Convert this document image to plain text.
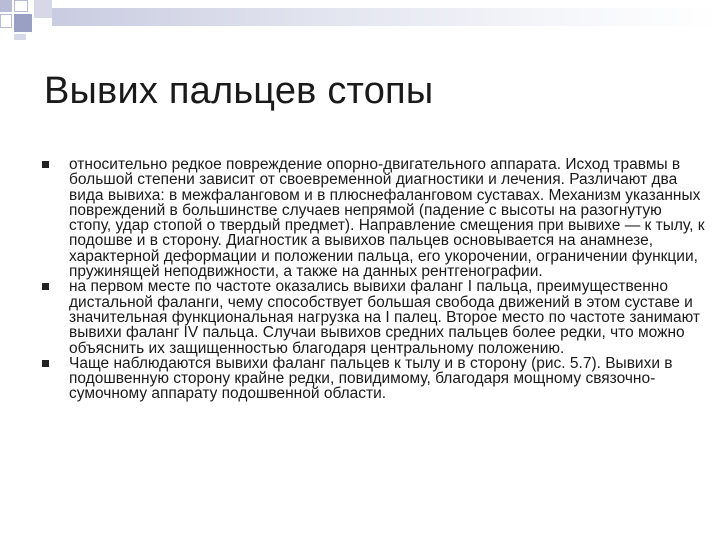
Вывих пальцев стопы
относительно редкое повреждение опорно-двигательного аппарата. Исход травмы в большой степени зависит от своевременной диагностики и лечения. Различают два вида вывиха: в межфаланговом и в плюснефаланговом суставах. Механизм указанных повреждений в большинстве случаев непрямой (падение с высоты на разогнутую стопу, удар стопой о твердый предмет). Направление смещения при вывихе — к тылу, к подошве и в сторону. Диагностик а вывихов пальцев основывается на анамнезе, характерной деформации и положении пальца, его укорочении, ограничении функции, пружинящей неподвижности, а также на данных рентгенографии.
на первом месте по частоте оказались вывихи фаланг I пальца, преимущественно дистальной фаланги, чему способствует большая свобода движений в этом суставе и значительная функциональная нагрузка на I палец. Второе место по частоте занимают вывихи фаланг IV пальца. Случаи вывихов средних пальцев более редки, что можно объяснить их защищенностью благодаря центральному положению.
Чаще наблюдаются вывихи фаланг пальцев к тылу и в сторону (рис. 5.7). Вывихи в подошвенную сторону крайне редки, повидимому, благодаря мощному связочно-сумочному аппарату подошвенной области.
